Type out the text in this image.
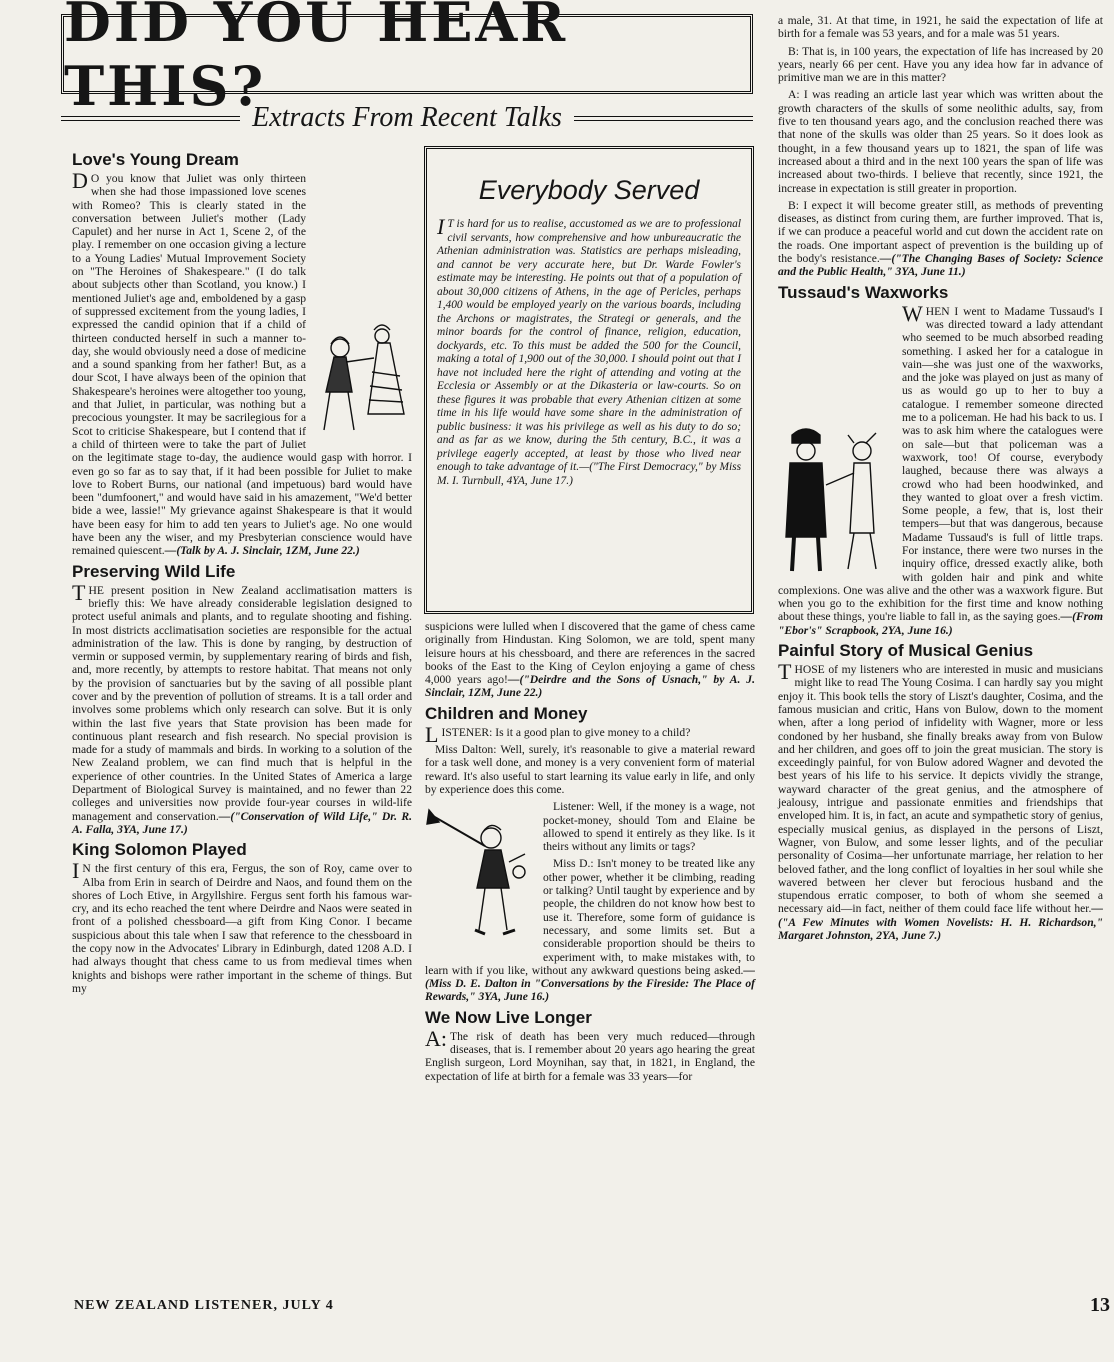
DID YOU HEAR THIS?
Extracts From Recent Talks
Love's Young Dream

DO you know that Juliet was only thirteen when she had those impassioned love scenes with Romeo? This is clearly stated in the conversation between Juliet's mother (Lady Capulet) and her nurse in Act 1, Scene 2, of the play. I remember on one occasion giving a lecture to a Young Ladies' Mutual Improvement Society on "The Heroines of Shakespeare." (I do talk about subjects other than Scotland, you know.) I mentioned Juliet's age and, emboldened by a gasp of suppressed excitement from the young ladies, I expressed the candid opinion that if a child of thirteen conducted herself in such a manner to-day, she would obviously need a dose of medicine and a sound spanking from her father! But, as a dour Scot, I have always been of the opinion that Shakespeare's heroines were altogether too young, and that Juliet, in particular, was nothing but a precocious youngster. It may be sacrilegious for a Scot to criticise Shakespeare, but I contend that if a child of thirteen were to take the part of Juliet on the legitimate stage to-day, the audience would gasp with horror. I even go so far as to say that, if it had been possible for Juliet to make love to Robert Burns, our national (and impetuous) bard would have been "dumfoonert," and would have said in his amazement, "We'd better bide a wee, lassie!" My grievance against Shakespeare is that it would have been easy for him to add ten years to Juliet's age. No one would have been any the wiser, and my Presbyterian conscience would have remained quiescent.—(Talk by A. J. Sinclair, 1ZM, June 22.)

Preserving Wild Life

THE present position in New Zealand acclimatisation matters is briefly this: We have already considerable legislation designed to protect useful animals and plants, and to regulate shooting and fishing. In most districts acclimatisation societies are responsible for the actual administration of the law. This is done by ranging, by destruction of vermin or supposed vermin, by supplementary rearing of birds and fish, and, more recently, by attempts to restore habitat. That means not only by the provision of sanctuaries but by the saving of all possible plant cover and by the prevention of pollution of streams. It is a tall order and involves some problems which only research can solve. But it is only within the last five years that State provision has been made for continuous plant research and fish research. No special provision is made for a study of mammals and birds. In working to a solution of the New Zealand problem, we can find much that is helpful in the experience of other countries. In the United States of America a large Department of Biological Survey is maintained, and no fewer than 22 colleges and universities now provide four-year courses in wild-life management and conservation.—("Conservation of Wild Life," Dr. R. A. Falla, 3YA, June 17.)

King Solomon Played

IN the first century of this era, Fergus, the son of Roy, came over to Alba from Erin in search of Deirdre and Naos, and found them on the shores of Loch Etive, in Argyllshire. Fergus sent forth his famous war-cry, and its echo reached the tent where Deirdre and Naos were seated in front of a polished chessboard—a gift from King Conor. I became suspicious about this tale when I saw that reference to the chessboard in the copy now in the Advocates' Library in Edinburgh, dated 1208 A.D. I had always thought that chess came to us from medieval times when knights and bishops were rather important in the scheme of things. But my

Everybody Served

IT is hard for us to realise, accustomed as we are to professional civil servants, how comprehensive and how unbureaucratic the Athenian administration was. Statistics are perhaps misleading, and cannot be very accurate here, but Dr. Warde Fowler's estimate may be interesting. He points out that of a population of about 30,000 citizens of Athens, in the age of Pericles, perhaps 1,400 would be employed yearly on the various boards, including the Archons or magistrates, the Strategi or generals, and the minor boards for the control of finance, religion, education, dockyards, etc. To this must be added the 500 for the Council, making a total of 1,900 out of the 30,000. I should point out that I have not included here the right of attending and voting at the Ecclesia or Assembly or at the Dikasteria or law-courts. So on these figures it was probable that every Athenian citizen at some time in his life would have some share in the administration of public business: it was his privilege as well as his duty to do so; and as far as we know, during the 5th century, B.C., it was a privilege eagerly accepted, at least by those who lived near enough to take advantage of it.—("The First Democracy," by Miss M. I. Turnbull, 4YA, June 17.)

suspicions were lulled when I discovered that the game of chess came originally from Hindustan. King Solomon, we are told, spent many leisure hours at his chessboard, and there are references in the sacred books of the East to the King of Ceylon enjoying a game of chess 4,000 years ago!—("Deirdre and the Sons of Usnach," by A. J. Sinclair, 1ZM, June 22.)

Children and Money

LISTENER: Is it a good plan to give money to a child?

Miss Dalton: Well, surely, it's reasonable to give a material reward for a task well done, and money is a very convenient form of material reward. It's also useful to start learning its value early in life, and only by experience does this come.

Listener: Well, if the money is a wage, not pocket-money, should Tom and Elaine be allowed to spend it entirely as they like. Is it theirs without any limits or tags?

Miss D.: Isn't money to be treated like any other power, whether it be climbing, reading or talking? Until taught by experience and by people, the children do not know how best to use it. Therefore, some form of guidance is necessary, and some limits set. But a considerable proportion should be theirs to experiment with, to make mistakes with, to learn with if you like, without any awkward questions being asked.—(Miss D. E. Dalton in "Conversations by the Fireside: The Place of Rewards," 3YA, June 16.)

We Now Live Longer

A:The risk of death has been very much reduced—through diseases, that is. I remember about 20 years ago hearing the great English surgeon, Lord Moynihan, say that, in 1821, in England, the expectation of life at birth for a female was 33 years—for

a male, 31. At that time, in 1921, he said the expectation of life at birth for a female was 53 years, and for a male was 51 years.

B: That is, in 100 years, the expectation of life has increased by 20 years, nearly 66 per cent. Have you any idea how far in advance of primitive man we are in this matter?

A: I was reading an article last year which was written about the growth characters of the skulls of some neolithic adults, say, from five to ten thousand years ago, and the conclusion reached there was that none of the skulls was older than 25 years. So it does look as thought, in a few thousand years up to 1821, the span of life was increased about a third and in the next 100 years the span of life was increased about two-thirds. I believe that recently, since 1921, the increase in expectation is still greater in proportion.

B: I expect it will become greater still, as methods of preventing diseases, as distinct from curing them, are further improved. That is, if we can produce a peaceful world and cut down the accident rate on the roads. One important aspect of prevention is the building up of the body's resistance.—("The Changing Bases of Society: Science and the Public Health," 3YA, June 11.)

Tussaud's Waxworks

WHEN I went to Madame Tussaud's I was directed toward a lady attendant who seemed to be much absorbed reading something. I asked her for a catalogue in vain—she was just one of the waxworks, and the joke was played on just as many of us as would go up to her to buy a catalogue. I remember someone directed me to a policeman. He had his back to us. I was to ask him where the catalogues were on sale—but that policeman was a waxwork, too! Of course, everybody laughed, because there was always a crowd who had been hoodwinked, and they wanted to gloat over a fresh victim. Some people, a few, that is, lost their tempers—but that was dangerous, because Madame Tussaud's is full of little traps. For instance, there were two nurses in the inquiry office, dressed exactly alike, both with golden hair and pink and white complexions. One was alive and the other was a waxwork figure. But when you go to the exhibition for the first time and know nothing about these things, you're liable to fall in, as the saying goes.—(From "Ebor's" Scrapbook, 2YA, June 16.)

Painful Story of Musical Genius

THOSE of my listeners who are interested in music and musicians might like to read The Young Cosima. I can hardly say you might enjoy it. This book tells the story of Liszt's daughter, Cosima, and the famous musician and critic, Hans von Bulow, down to the moment when, after a long period of infidelity with Wagner, more or less condoned by her husband, she finally breaks away from von Bulow and her children, and goes off to join the great musician. The story is exceedingly painful, for von Bulow adored Wagner and devoted the best years of his life to his service. It depicts vividly the strange, wayward character of the great genius, and the atmosphere of jealousy, intrigue and passionate enmities and friendships that enveloped him. It is, in fact, an acute and sympathetic story of genius, especially musical genius, as displayed in the persons of Liszt, Wagner, von Bulow, and some lesser lights, and of the peculiar personality of Cosima—her unfortunate marriage, her relation to her beloved father, and the long conflict of loyalties in her soul while she wavered between her clever but ferocious husband and the stupendous erratic composer, to both of whom she seemed a necessary aid—in fact, neither of them could face life without her.—("A Few Minutes with Women Novelists: H. H. Richardson," Margaret Johnston, 2YA, June 7.)

NEW ZEALAND LISTENER, JULY 4	13
